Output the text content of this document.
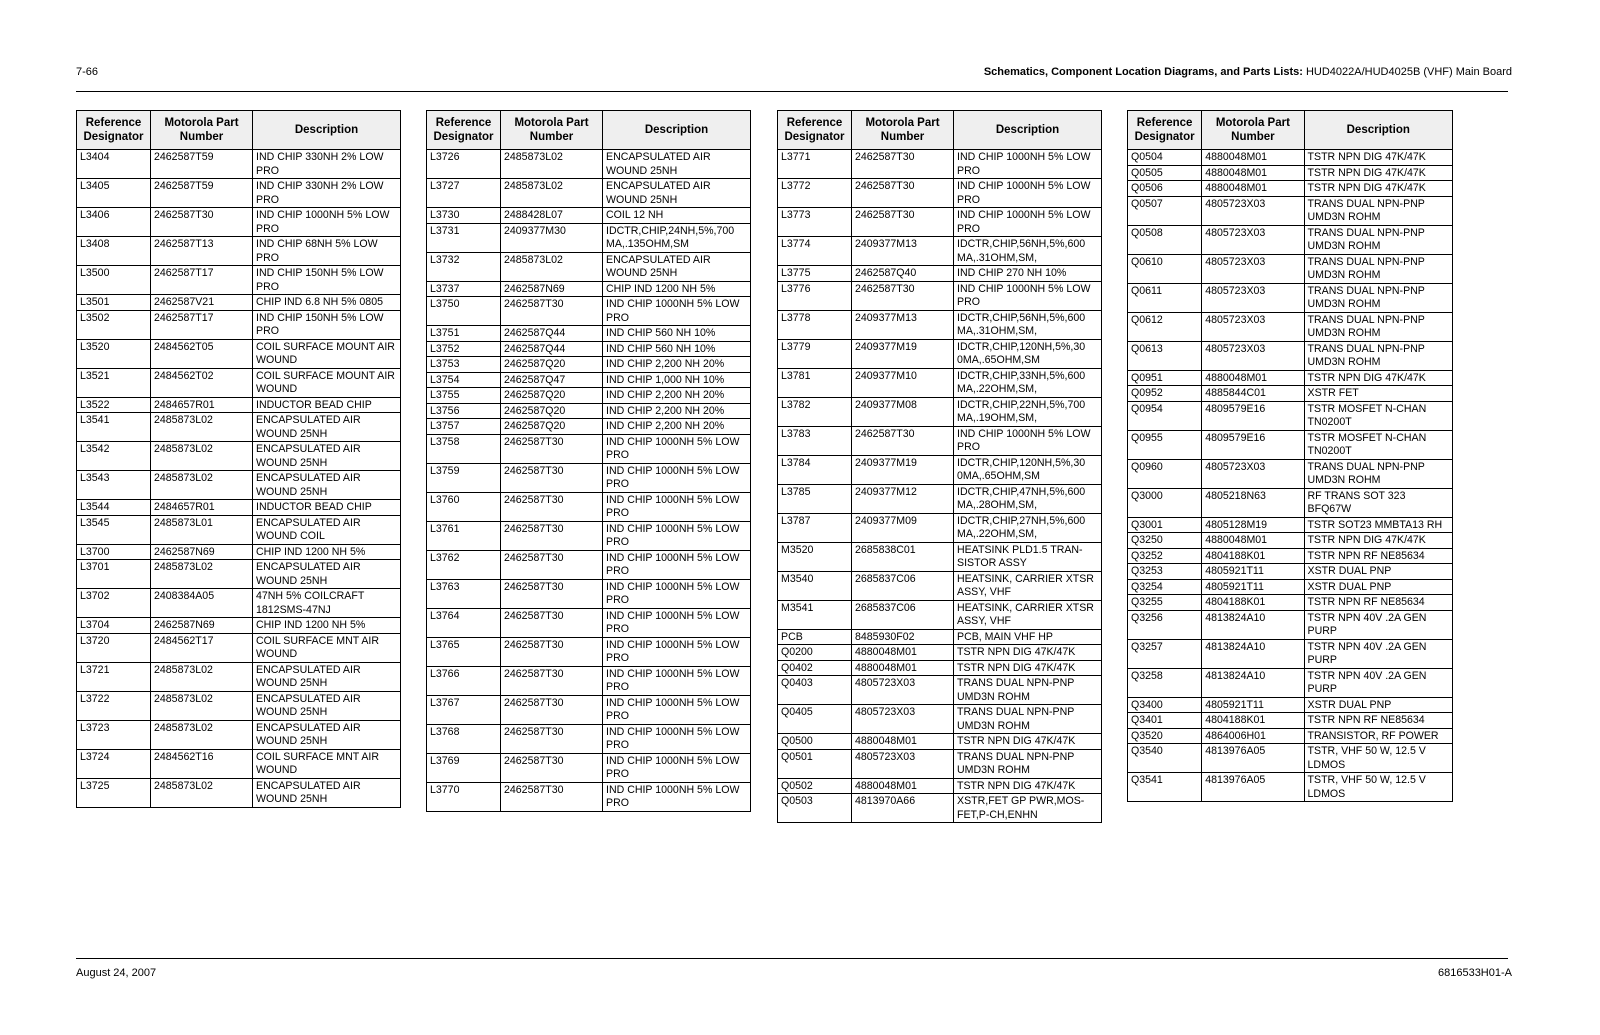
7-66	Schematics, Component Location Diagrams, and Parts Lists: HUD4022A/HUD4025B (VHF) Main Board
Reference Designator	Motorola Part Number	Description
L3404	2462587T59	IND CHIP 330NH 2% LOW PRO
L3405	2462587T59	IND CHIP 330NH 2% LOW PRO
L3406	2462587T30	IND CHIP 1000NH 5% LOW PRO
L3408	2462587T13	IND CHIP 68NH 5% LOW PRO
L3500	2462587T17	IND CHIP 150NH 5% LOW PRO
L3501	2462587V21	CHIP IND 6.8 NH 5% 0805
L3502	2462587T17	IND CHIP 150NH 5% LOW PRO
L3520	2484562T05	COIL SURFACE MOUNT AIR WOUND
L3521	2484562T02	COIL SURFACE MOUNT AIR WOUND
L3522	2484657R01	INDUCTOR BEAD CHIP
L3541	2485873L02	ENCAPSULATED AIR WOUND 25NH
L3542	2485873L02	ENCAPSULATED AIR WOUND 25NH
L3543	2485873L02	ENCAPSULATED AIR WOUND 25NH
L3544	2484657R01	INDUCTOR BEAD CHIP
L3545	2485873L01	ENCAPSULATED AIR WOUND COIL
L3700	2462587N69	CHIP IND 1200 NH 5%
L3701	2485873L02	ENCAPSULATED AIR WOUND 25NH
L3702	2408384A05	47NH 5% COILCRAFT 1812SMS-47NJ
L3704	2462587N69	CHIP IND 1200 NH 5%
L3720	2484562T17	COIL SURFACE MNT AIR WOUND
L3721	2485873L02	ENCAPSULATED AIR WOUND 25NH
L3722	2485873L02	ENCAPSULATED AIR WOUND 25NH
L3723	2485873L02	ENCAPSULATED AIR WOUND 25NH
L3724	2484562T16	COIL SURFACE MNT AIR WOUND
L3725	2485873L02	ENCAPSULATED AIR WOUND 25NH
Reference Designator	Motorola Part Number	Description
L3726	2485873L02	ENCAPSULATED AIR WOUND 25NH
L3727	2485873L02	ENCAPSULATED AIR WOUND 25NH
L3730	2488428L07	COIL 12 NH
L3731	2409377M30	IDCTR,CHIP,24NH,5%,700 MA,.135OHM,SM
L3732	2485873L02	ENCAPSULATED AIR WOUND 25NH
L3737	2462587N69	CHIP IND 1200 NH 5%
L3750	2462587T30	IND CHIP 1000NH 5% LOW PRO
L3751	2462587Q44	IND CHIP 560 NH 10%
L3752	2462587Q44	IND CHIP 560 NH 10%
L3753	2462587Q20	IND CHIP 2,200 NH 20%
L3754	2462587Q47	IND CHIP 1,000 NH 10%
L3755	2462587Q20	IND CHIP 2,200 NH 20%
L3756	2462587Q20	IND CHIP 2,200 NH 20%
L3757	2462587Q20	IND CHIP 2,200 NH 20%
L3758	2462587T30	IND CHIP 1000NH 5% LOW PRO
L3759	2462587T30	IND CHIP 1000NH 5% LOW PRO
L3760	2462587T30	IND CHIP 1000NH 5% LOW PRO
L3761	2462587T30	IND CHIP 1000NH 5% LOW PRO
L3762	2462587T30	IND CHIP 1000NH 5% LOW PRO
L3763	2462587T30	IND CHIP 1000NH 5% LOW PRO
L3764	2462587T30	IND CHIP 1000NH 5% LOW PRO
L3765	2462587T30	IND CHIP 1000NH 5% LOW PRO
L3766	2462587T30	IND CHIP 1000NH 5% LOW PRO
L3767	2462587T30	IND CHIP 1000NH 5% LOW PRO
L3768	2462587T30	IND CHIP 1000NH 5% LOW PRO
L3769	2462587T30	IND CHIP 1000NH 5% LOW PRO
L3770	2462587T30	IND CHIP 1000NH 5% LOW PRO
Reference Designator	Motorola Part Number	Description
L3771	2462587T30	IND CHIP 1000NH 5% LOW PRO
L3772	2462587T30	IND CHIP 1000NH 5% LOW PRO
L3773	2462587T30	IND CHIP 1000NH 5% LOW PRO
L3774	2409377M13	IDCTR,CHIP,56NH,5%,600 MA,.31OHM,SM,
L3775	2462587Q40	IND CHIP 270 NH 10%
L3776	2462587T30	IND CHIP 1000NH 5% LOW PRO
L3778	2409377M13	IDCTR,CHIP,56NH,5%,600 MA,.31OHM,SM,
L3779	2409377M19	IDCTR,CHIP,120NH,5%,30 0MA,.65OHM,SM
L3781	2409377M10	IDCTR,CHIP,33NH,5%,600 MA,.22OHM,SM,
L3782	2409377M08	IDCTR,CHIP,22NH,5%,700 MA,.19OHM,SM,
L3783	2462587T30	IND CHIP 1000NH 5% LOW PRO
L3784	2409377M19	IDCTR,CHIP,120NH,5%,30 0MA,.65OHM,SM
L3785	2409377M12	IDCTR,CHIP,47NH,5%,600 MA,.28OHM,SM,
L3787	2409377M09	IDCTR,CHIP,27NH,5%,600 MA,.22OHM,SM,
M3520	2685838C01	HEATSINK PLD1.5 TRAN-SISTOR ASSY
M3540	2685837C06	HEATSINK, CARRIER XTSR ASSY, VHF
M3541	2685837C06	HEATSINK, CARRIER XTSR ASSY, VHF
PCB	8485930F02	PCB, MAIN VHF HP
Q0200	4880048M01	TSTR NPN DIG 47K/47K
Q0402	4880048M01	TSTR NPN DIG 47K/47K
Q0403	4805723X03	TRANS DUAL NPN-PNP UMD3N ROHM
Q0405	4805723X03	TRANS DUAL NPN-PNP UMD3N ROHM
Q0500	4880048M01	TSTR NPN DIG 47K/47K
Q0501	4805723X03	TRANS DUAL NPN-PNP UMD3N ROHM
Q0502	4880048M01	TSTR NPN DIG 47K/47K
Q0503	4813970A66	XSTR,FET GP PWR,MOS-FET,P-CH,ENHN
Reference Designator	Motorola Part Number	Description
Q0504	4880048M01	TSTR NPN DIG 47K/47K
Q0505	4880048M01	TSTR NPN DIG 47K/47K
Q0506	4880048M01	TSTR NPN DIG 47K/47K
Q0507	4805723X03	TRANS DUAL NPN-PNP UMD3N ROHM
Q0508	4805723X03	TRANS DUAL NPN-PNP UMD3N ROHM
Q0610	4805723X03	TRANS DUAL NPN-PNP UMD3N ROHM
Q0611	4805723X03	TRANS DUAL NPN-PNP UMD3N ROHM
Q0612	4805723X03	TRANS DUAL NPN-PNP UMD3N ROHM
Q0613	4805723X03	TRANS DUAL NPN-PNP UMD3N ROHM
Q0951	4880048M01	TSTR NPN DIG 47K/47K
Q0952	4885844C01	XSTR FET
Q0954	4809579E16	TSTR MOSFET N-CHAN TN0200T
Q0955	4809579E16	TSTR MOSFET N-CHAN TN0200T
Q0960	4805723X03	TRANS DUAL NPN-PNP UMD3N ROHM
Q3000	4805218N63	RF TRANS SOT 323 BFQ67W
Q3001	4805128M19	TSTR SOT23 MMBTA13 RH
Q3250	4880048M01	TSTR NPN DIG 47K/47K
Q3252	4804188K01	TSTR NPN RF NE85634
Q3253	4805921T11	XSTR DUAL PNP
Q3254	4805921T11	XSTR DUAL PNP
Q3255	4804188K01	TSTR NPN RF NE85634
Q3256	4813824A10	TSTR NPN 40V .2A GEN PURP
Q3257	4813824A10	TSTR NPN 40V .2A GEN PURP
Q3258	4813824A10	TSTR NPN 40V .2A GEN PURP
Q3400	4805921T11	XSTR DUAL PNP
Q3401	4804188K01	TSTR NPN RF NE85634
Q3520	4864006H01	TRANSISTOR, RF POWER
Q3540	4813976A05	TSTR, VHF 50 W, 12.5 V LDMOS
Q3541	4813976A05	TSTR, VHF 50 W, 12.5 V LDMOS
August 24, 2007	6816533H01-A
